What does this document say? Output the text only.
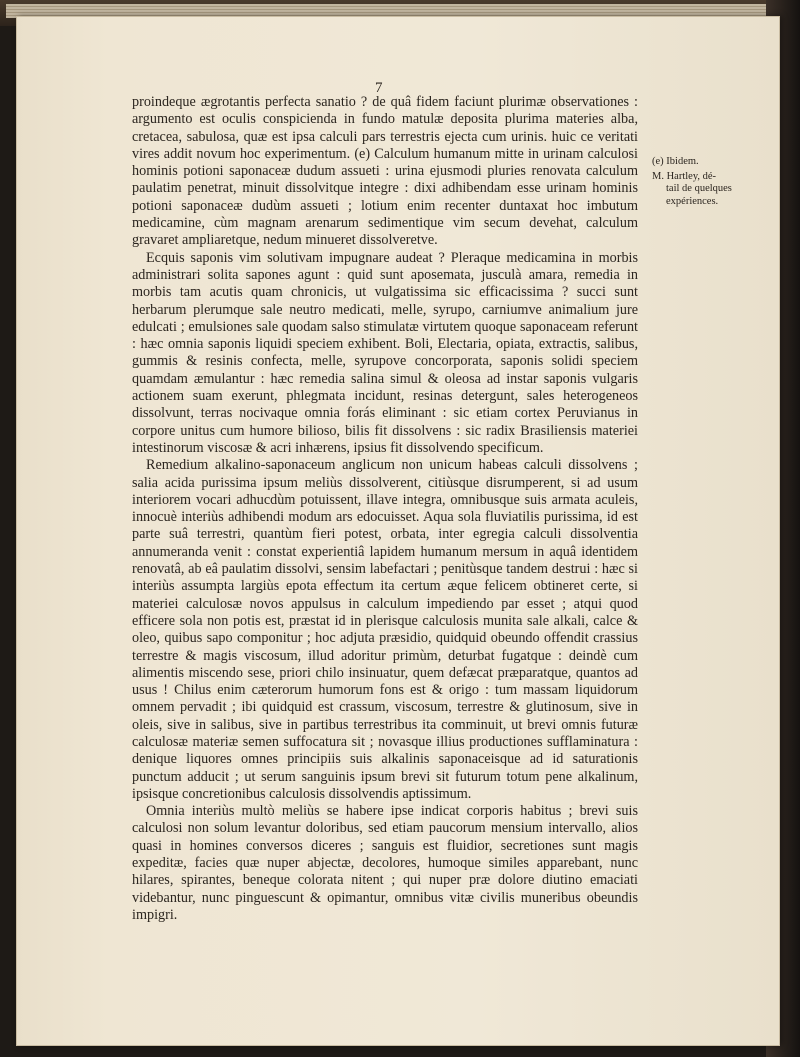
7

proindeque ægrotantis perfecta sanatio ? de quâ fidem faciunt plurimæ observationes : argumento est oculis conspicienda in fundo matulæ deposita plurima materies alba, cretacea, sabulosa, quæ est ipsa calculi pars terrestris ejecta cum urinis. huic ce veritati vires addit novum hoc experimentum. (e) Calculum humanum mitte in urinam calculosi hominis potioni saponaceæ dudum assueti : urina ejusmodi pluries renovata calculum paulatim penetrat, minuit dissolvitque integre : dixi adhibendam esse urinam hominis potioni saponaceæ dudùm assueti ; lotium enim recenter duntaxat hoc imbutum medicamine, cùm magnam arenarum sedimentique vim secum devehat, calculum gravaret ampliaretque, nedum minueret dissolveretve.

Ecquis saponis vim solutivam impugnare audeat ? Pleraque medicamina in morbis administrari solita sapones agunt : quid sunt aposemata, jusculà amara, remedia in morbis tam acutis quam chronicis, ut vulgatissima sic efficacissima ? succi sunt herbarum plerumque sale neutro medicati, melle, syrupo, carniumve animalium jure edulcati ; emulsiones sale quodam salso stimulatæ virtutem quoque saponaceam referunt : hæc omnia saponis liquidi speciem exhibent. Boli, Electaria, opiata, extractis, salibus, gummis & resinis confecta, melle, syrupove concorporata, saponis solidi speciem quamdam æmulantur : hæc remedia salina simul & oleosa ad instar saponis vulgaris actionem suam exerunt, phlegmata incidunt, resinas detergunt, sales heterogeneos dissolvunt, terras nocivaque omnia forás eliminant : sic etiam cortex Peruvianus in corpore unitus cum humore bilioso, bilis fit dissolvens : sic radix Brasiliensis materiei intestinorum viscosæ & acri inhærens, ipsius fit dissolvendo specificum.

Remedium alkalino-saponaceum anglicum non unicum habeas calculi dissolvens ; salia acida purissima ipsum meliùs dissolverent, citiùsque disrumperent, si ad usum interiorem vocari adhucdùm potuissent, illave integra, omnibusque suis armata aculeis, innocuè interiùs adhibendi modum ars edocuisset. Aqua sola fluviatilis purissima, id est parte suâ terrestri, quantùm fieri potest, orbata, inter egregia calculi dissolventia annumeranda venit : constat experientiâ lapidem humanum mersum in aquâ identidem renovatâ, ab eâ paulatim dissolvi, sensim labefactari ; penitùsque tandem destrui : hæc si interiùs assumpta largiùs epota effectum ita certum æque felicem obtineret certe, si materiei calculosæ novos appulsus in calculum impediendo par esset ; atqui quod efficere sola non potis est, præstat id in plerisque calculosis munita sale alkali, calce & oleo, quibus sapo componitur ; hoc adjuta præsidio, quidquid obeundo offendit crassius terrestre & magis viscosum, illud adoritur primùm, deturbat fugatque : deindè cum alimentis miscendo sese, priori chilo insinuatur, quem defæcat præparatque, quantos ad usus ! Chilus enim cæterorum humorum fons est & origo : tum massam liquidorum omnem pervadit ; ibi quidquid est crassum, viscosum, terrestre & glutinosum, sive in oleis, sive in salibus, sive in partibus terrestribus ita comminuit, ut brevi omnis futuræ calculosæ materiæ semen suffocatura sit ; novasque illius productiones sufflaminatura : denique liquores omnes principiis suis alkalinis saponaceisque ad id saturationis punctum adducit ; ut serum sanguinis ipsum brevi sit futurum totum pene alkalinum, ipsisque concretionibus calculosis dissolvendis aptissimum.

Omnia interiùs multò meliùs se habere ipse indicat corporis habitus ; brevi suis calculosi non solum levantur doloribus, sed etiam paucorum mensium intervallo, alios quasi in homines conversos diceres ; sanguis est fluidior, secretiones sunt magis expeditæ, facies quæ nuper abjectæ, decolores, humoque similes apparebant, nunc hilares, spirantes, beneque colorata nitent ; qui nuper præ dolore diutino emaciati videbantur, nunc pinguescunt & opimantur, omnibus vitæ civilis muneribus obeundis impigri.

(e) Ibidem.
M. Hartley, dé-
tail de quelques
expériences.
